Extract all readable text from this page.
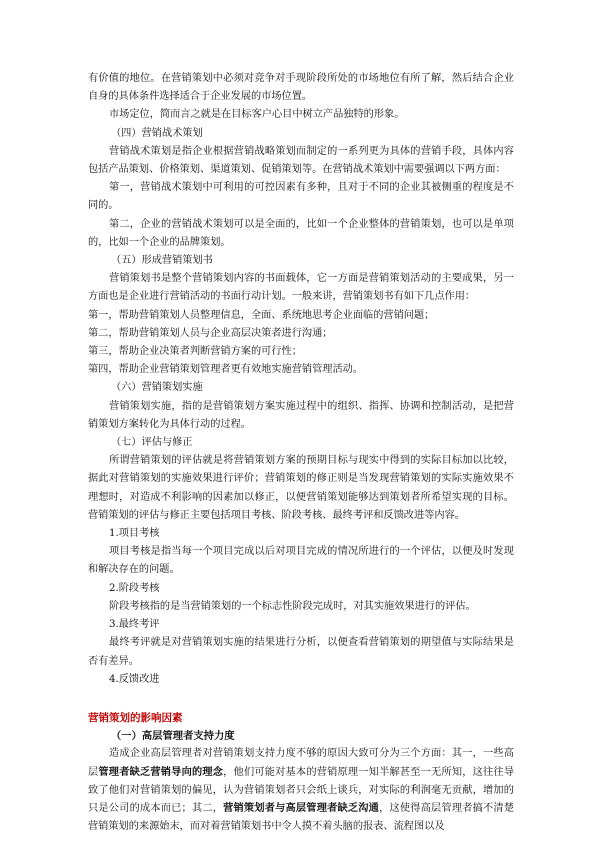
有价值的地位。在营销策划中必须对竞争对手现阶段所处的市场地位有所了解，然后结合企业自身的具体条件选择适合于企业发展的市场位置。

市场定位，简而言之就是在目标客户心目中树立产品独特的形象。

（四）营销战术策划

营销战术策划是指企业根据营销战略策划而制定的一系列更为具体的营销手段，具体内容包括产品策划、价格策划、渠道策划、促销策划等。在营销战术策划中需要强调以下两方面：

第一，营销战术策划中可利用的可控因素有多种，且对于不同的企业其被侧重的程度是不同的。

第二，企业的营销战术策划可以是全面的，比如一个企业整体的营销策划，也可以是单项的，比如一个企业的品牌策划。

（五）形成营销策划书

营销策划书是整个营销策划内容的书面载体，它一方面是营销策划活动的主要成果，另一方面也是企业进行营销活动的书面行动计划。一般来讲，营销策划书有如下几点作用：

第一，帮助营销策划人员整理信息，全面、系统地思考企业面临的营销问题；

第二，帮助营销策划人员与企业高层决策者进行沟通；

第三，帮助企业决策者判断营销方案的可行性；

第四，帮助企业营销策划管理者更有效地实施营销管理活动。

（六）营销策划实施

营销策划实施，指的是营销策划方案实施过程中的组织、指挥、协调和控制活动，是把营销策划方案转化为具体行动的过程。

（七）评估与修正

所谓营销策划的评估就是将营销策划方案的预期目标与现实中得到的实际目标加以比较，据此对营销策划的实施效果进行评价；营销策划的修正则是当发现营销策划的实际实施效果不理想时，对造成不利影响的因素加以修正，以便营销策划能够达到策划者所希望实现的目标。营销策划的评估与修正主要包括项目考核、阶段考核、最终考评和反馈改进等内容。

1.项目考核

项目考核是指当每一个项目完成以后对项目完成的情况所进行的一个评估，以便及时发现和解决存在的问题。

2.阶段考核

阶段考核指的是当营销策划的一个标志性阶段完成时，对其实施效果进行的评估。

3.最终考评

最终考评就是对营销策划实施的结果进行分析，以便查看营销策划的期望值与实际结果是否有差异。

4.反馈改进

营销策划的影响因素

（一）高层管理者支持力度

造成企业高层管理者对营销策划支持力度不够的原因大致可分为三个方面：其一，一些高层管理者缺乏营销导向的理念，他们可能对基本的营销原理一知半解甚至一无所知，这往往导致了他们对营销策划的偏见，认为营销策划者只会纸上谈兵，对实际的利润毫无贡献，增加的只是公司的成本而已；其二，营销策划者与高层管理者缺乏沟通，这使得高层管理者搞不清楚营销策划的来源始末，而对着营销策划书中令人摸不着头脑的报表、流程图以及
